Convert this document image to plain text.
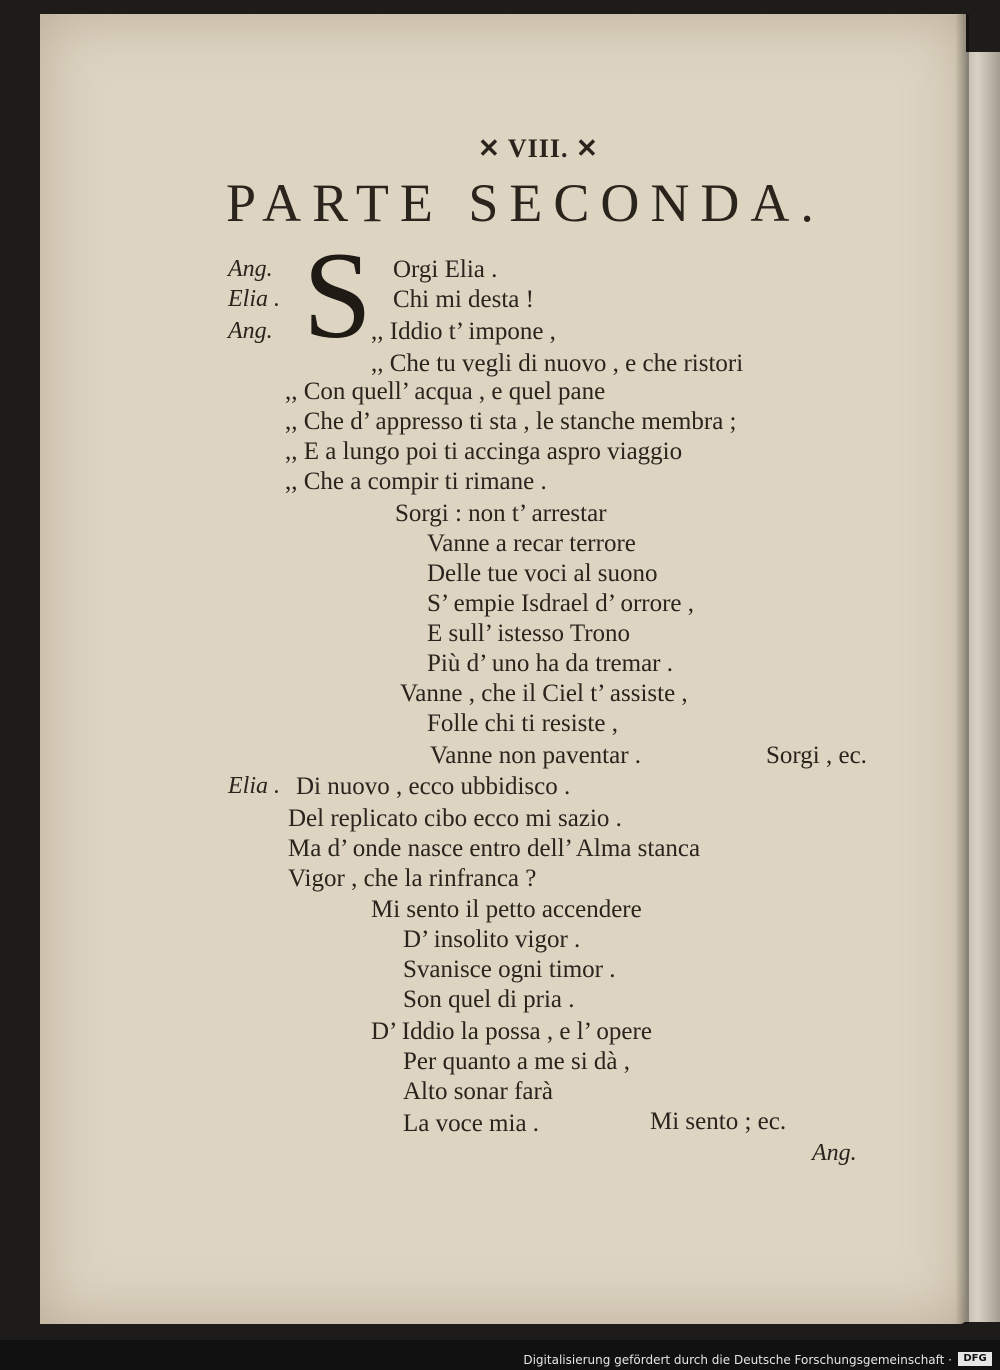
✕ VIII. ✕
PARTE SECONDA.
S
Ang.
Elia .
Ang.
Elia .
Orgi Elia .
Chi mi desta !
,, Iddio t’ impone ,
,, Che tu vegli di nuovo , e che ristori
,, Con quell’ acqua , e quel pane
,, Che d’ appresso ti sta , le stanche membra ;
,, E a lungo poi ti accinga aspro viaggio
,, Che a compir ti rimane .
Sorgi : non t’ arrestar
Vanne a recar terrore
Delle tue voci al suono
S’ empie Isdrael d’ orrore ,
E sull’ istesso Trono
Più d’ uno ha da tremar .
Vanne , che il Ciel t’ assiste ,
Folle chi ti resiste ,
Vanne non paventar .	Sorgi , ec.
Di nuovo , ecco ubbidisco .
Del replicato cibo ecco mi sazio .
Ma d’ onde nasce entro dell’ Alma stanca
Vigor , che la rinfranca ?
Mi sento il petto accendere
D’ insolito vigor .
Svanisce ogni timor .
Son quel di pria .
D’ Iddio la possa , e l’ opere
Per quanto a me si dà ,
Alto sonar farà
La voce mia .	Mi sento ; ec.
Ang.
Digitalisierung gefördert durch die Deutsche Forschungsgemeinschaft ·	DFG
